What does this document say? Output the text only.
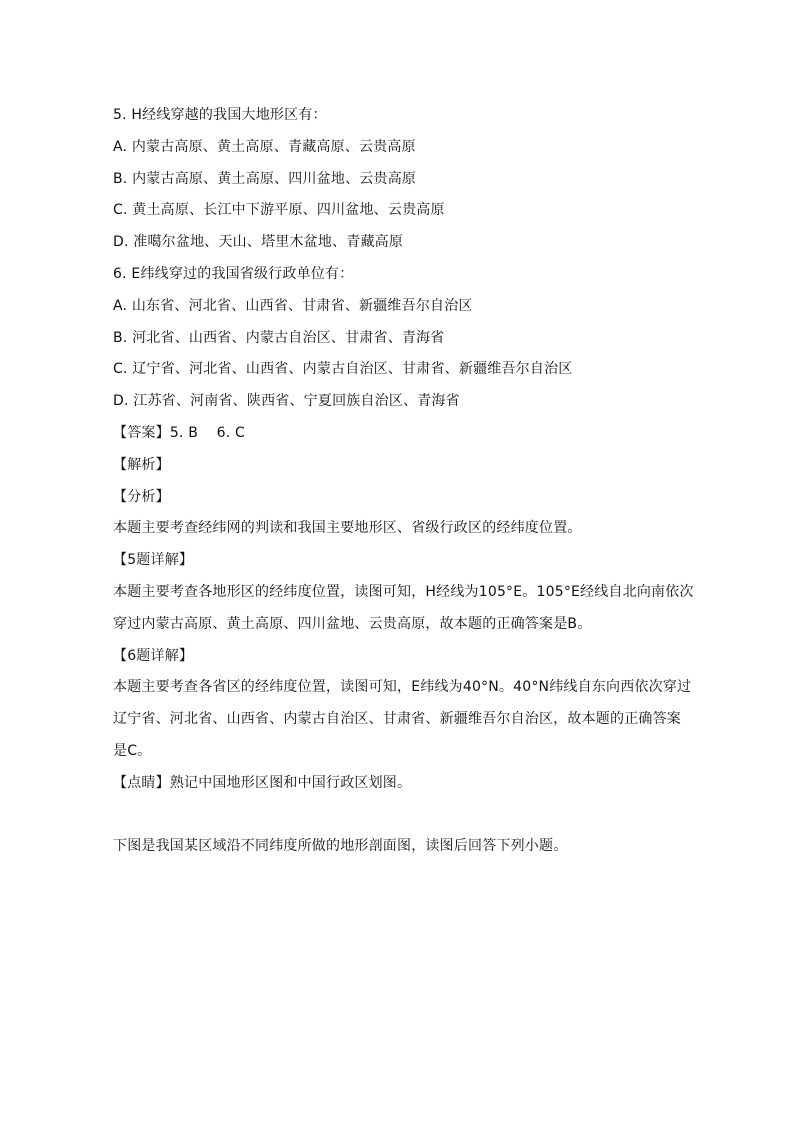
5. H经线穿越的我国大地形区有：
A. 内蒙古高原、黄土高原、青藏高原、云贵高原
B. 内蒙古高原、黄土高原、四川盆地、云贵高原
C. 黄土高原、长江中下游平原、四川盆地、云贵高原
D. 准噶尔盆地、天山、塔里木盆地、青藏高原
6. E纬线穿过的我国省级行政单位有：
A. 山东省、河北省、山西省、甘肃省、新疆维吾尔自治区
B. 河北省、山西省、内蒙古自治区、甘肃省、青海省
C. 辽宁省、河北省、山西省、内蒙古自治区、甘肃省、新疆维吾尔自治区
D. 江苏省、河南省、陕西省、宁夏回族自治区、青海省
【答案】5. B    6. C
【解析】
【分析】
本题主要考查经纬网的判读和我国主要地形区、省级行政区的经纬度位置。
【5题详解】
本题主要考查各地形区的经纬度位置，读图可知，H经线为105°E。105°E经线自北向南依次
穿过内蒙古高原、黄土高原、四川盆地、云贵高原，故本题的正确答案是B。
【6题详解】
本题主要考查各省区的经纬度位置，读图可知，E纬线为40°N。40°N纬线自东向西依次穿过
辽宁省、河北省、山西省、内蒙古自治区、甘肃省、新疆维吾尔自治区，故本题的正确答案
是C。
【点睛】熟记中国地形区图和中国行政区划图。
下图是我国某区域沿不同纬度所做的地形剖面图，读图后回答下列小题。
